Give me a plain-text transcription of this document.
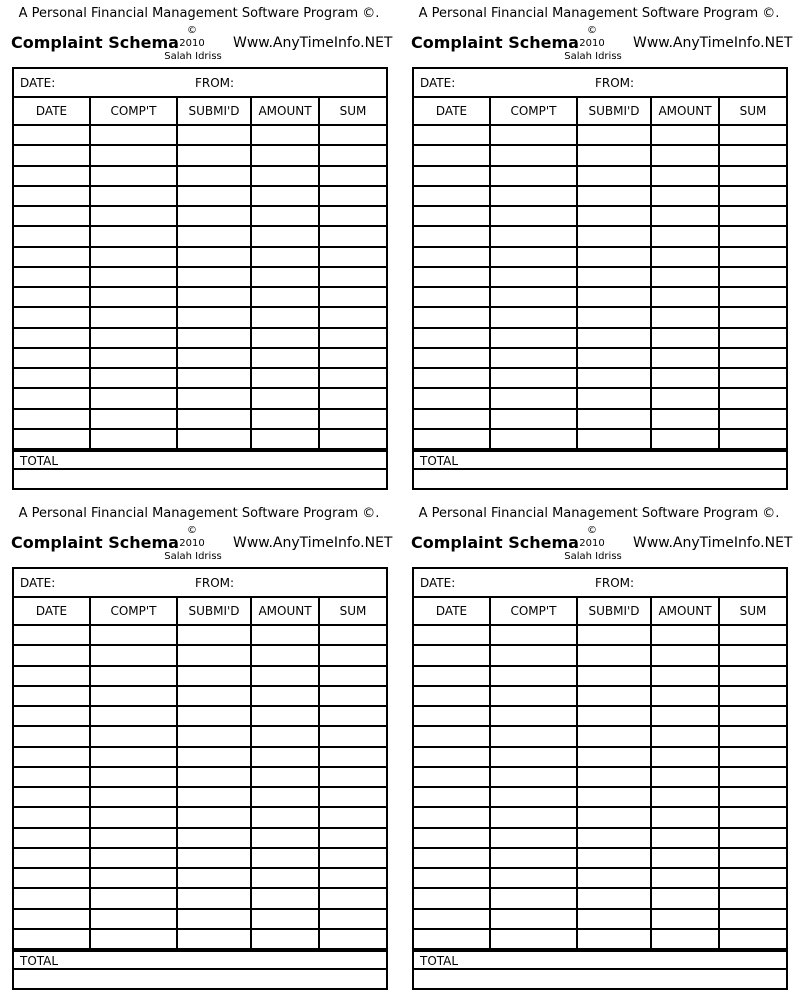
A Personal Financial Management Software Program ©.
Complaint Schema
©
2010
Salah Idriss
Www.AnyTimeInfo.NET
DATE:	FROM:
DATE	COMP'T	SUBMI'D	AMOUNT	SUM

TOTAL
A Personal Financial Management Software Program ©.
Complaint Schema
©
2010
Salah Idriss
Www.AnyTimeInfo.NET
DATE:	FROM:
DATE	COMP'T	SUBMI'D	AMOUNT	SUM

TOTAL
A Personal Financial Management Software Program ©.
Complaint Schema
©
2010
Salah Idriss
Www.AnyTimeInfo.NET
DATE:	FROM:
DATE	COMP'T	SUBMI'D	AMOUNT	SUM

TOTAL
A Personal Financial Management Software Program ©.
Complaint Schema
©
2010
Salah Idriss
Www.AnyTimeInfo.NET
DATE:	FROM:
DATE	COMP'T	SUBMI'D	AMOUNT	SUM

TOTAL
